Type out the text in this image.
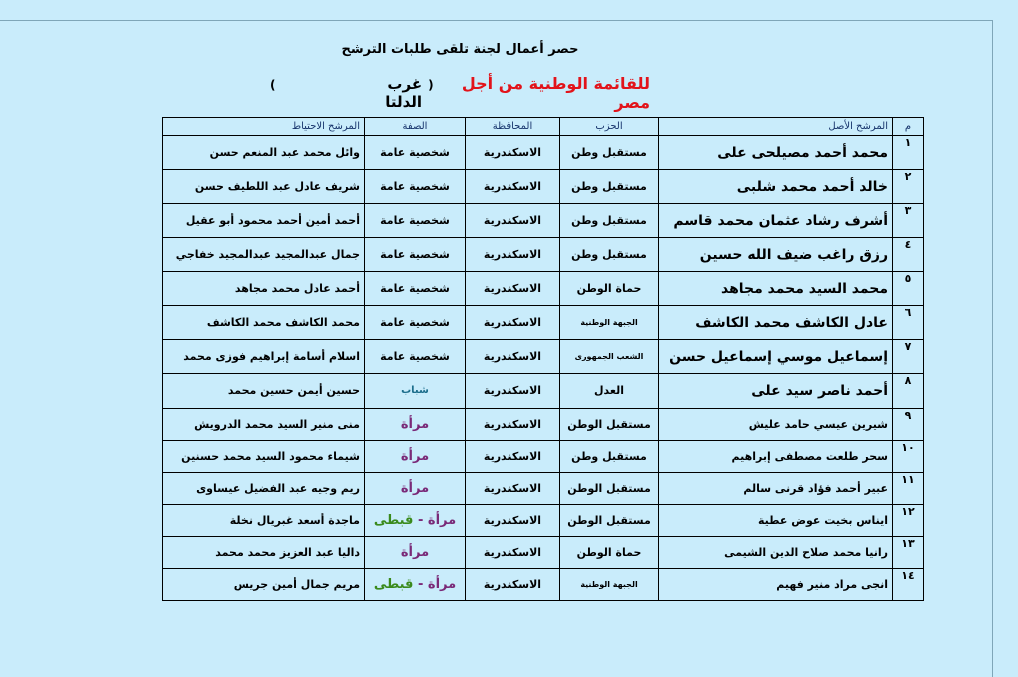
حصر أعمال لجنة تلقى طلبات الترشح
للقائمة الوطنية من أجل مصر
(
غرب الدلتا
)
م	المرشح الأصل	الحزب	المحافظة	الصفة	المرشح الاحتياط
١	محمد أحمد مصيلحى على	مستقبل وطن	الاسكندرية	شخصية عامة	وائل محمد عبد المنعم حسن
٢	خالد أحمد محمد شلبى	مستقبل وطن	الاسكندرية	شخصية عامة	شريف عادل عبد اللطيف حسن
٣	أشرف رشاد عثمان محمد قاسم	مستقبل وطن	الاسكندرية	شخصية عامة	أحمد أمين أحمد محمود أبو عقيل
٤	رزق راغب ضيف الله حسين	مستقبل وطن	الاسكندرية	شخصية عامة	جمال عبدالمجيد عبدالمجيد خفاجي
٥	محمد السيد محمد مجاهد	حماة الوطن	الاسكندرية	شخصية عامة	أحمد عادل محمد مجاهد
٦	عادل الكاشف محمد الكاشف	الجبهة الوطنية	الاسكندرية	شخصية عامة	محمد الكاشف محمد الكاشف
٧	إسماعيل موسي إسماعيل حسن	الشعب الجمهورى	الاسكندرية	شخصية عامة	اسلام أسامة إبراهيم فوزى محمد
٨	أحمد ناصر سيد على	العدل	الاسكندرية	شباب	حسين أيمن حسين محمد
٩	شيرين عيسي حامد عليش	مستقبل الوطن	الاسكندرية	مرأة	منى منير السيد محمد الدرويش
١٠	سحر طلعت مصطفى إبراهيم	مستقبل وطن	الاسكندرية	مرأة	شيماء محمود السيد محمد حسنين
١١	عبير أحمد فؤاد قرنى سالم	مستقبل الوطن	الاسكندرية	مرأة	ريم وجيه عبد الفضيل عيساوى
١٢	ايناس بخيت عوض عطية	مستقبل الوطن	الاسكندرية	مرأة - قبطى	ماجدة أسعد غبريال نخلة
١٣	رانيا محمد صلاح الدين الشيمى	حماة الوطن	الاسكندرية	مرأة	داليا عبد العزيز محمد محمد
١٤	انجى مراد منير فهيم	الجبهة الوطنية	الاسكندرية	مرأة - قبطى	مريم جمال أمين جريس
